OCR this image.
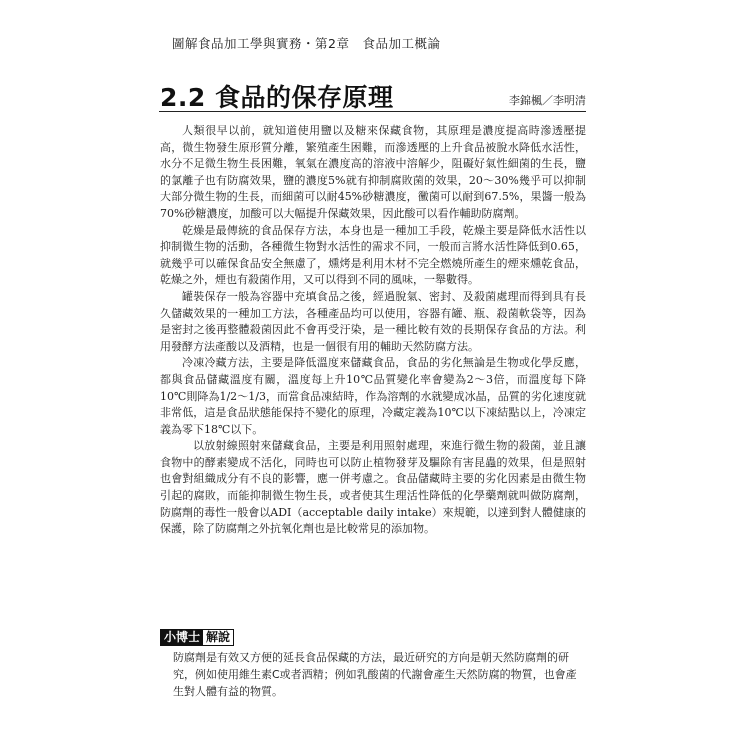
圖解食品加工學與實務・第2章　食品加工概論
2.2 食品的保存原理	李錦楓／李明清

人類很早以前，就知道使用鹽以及糖來保藏食物，其原理是濃度提高時滲透壓提高，微生物發生原形質分離，繁殖產生困難，而滲透壓的上升食品被脫水降低水活性，水分不足微生物生長困難，氧氣在濃度高的溶液中溶解少，阻礙好氣性細菌的生長，鹽的氯離子也有防腐效果，鹽的濃度5%就有抑制腐敗菌的效果，20～30%幾乎可以抑制大部分微生物的生長，而細菌可以耐45%砂糖濃度，黴菌可以耐到67.5%，果醬一般為70%砂糖濃度，加酸可以大幅提升保藏效果，因此酸可以看作輔助防腐劑。

乾燥是最傳統的食品保存方法，本身也是一種加工手段，乾燥主要是降低水活性以抑制微生物的活動，各種微生物對水活性的需求不同，一般而言將水活性降低到0.65，就幾乎可以確保食品安全無慮了，燻烤是利用木材不完全燃燒所產生的煙來燻乾食品，乾燥之外，煙也有殺菌作用，又可以得到不同的風味，一舉數得。

罐裝保存一般為容器中充填食品之後，經過脫氣、密封、及殺菌處理而得到具有長久儲藏效果的一種加工方法，各種產品均可以使用，容器有罐、瓶、殺菌軟袋等，因為是密封之後再整體殺菌因此不會再受汙染，是一種比較有效的長期保存食品的方法。利用發酵方法產酸以及酒精，也是一個很有用的輔助天然防腐方法。

冷凍冷藏方法，主要是降低溫度來儲藏食品，食品的劣化無論是生物或化學反應，都與食品儲藏溫度有關，溫度每上升10℃品質變化率會變為2～3倍，而溫度每下降10℃則降為1/2～1/3，而當食品凍結時，作為溶劑的水就變成冰晶，品質的劣化速度就非常低，這是食品狀態能保持不變化的原理，冷藏定義為10℃以下凍結點以上，冷凍定義為零下18℃以下。

以放射線照射來儲藏食品，主要是利用照射處理，來進行微生物的殺菌，並且讓食物中的酵素變成不活化，同時也可以防止植物發芽及驅除有害昆蟲的效果，但是照射也會對組織成分有不良的影響，應一併考慮之。食品儲藏時主要的劣化因素是由微生物引起的腐敗，而能抑制微生物生長，或者使其生理活性降低的化學藥劑就叫做防腐劑，防腐劑的毒性一般會以ADI（acceptable daily intake）來規範，以達到對人體健康的保護，除了防腐劑之外抗氧化劑也是比較常見的添加物。

小博士 解說
防腐劑是有效又方便的延長食品保藏的方法，最近研究的方向是朝天然防腐劑的研究，例如使用維生素C或者酒精；例如乳酸菌的代謝會產生天然防腐的物質，也會產生對人體有益的物質。
